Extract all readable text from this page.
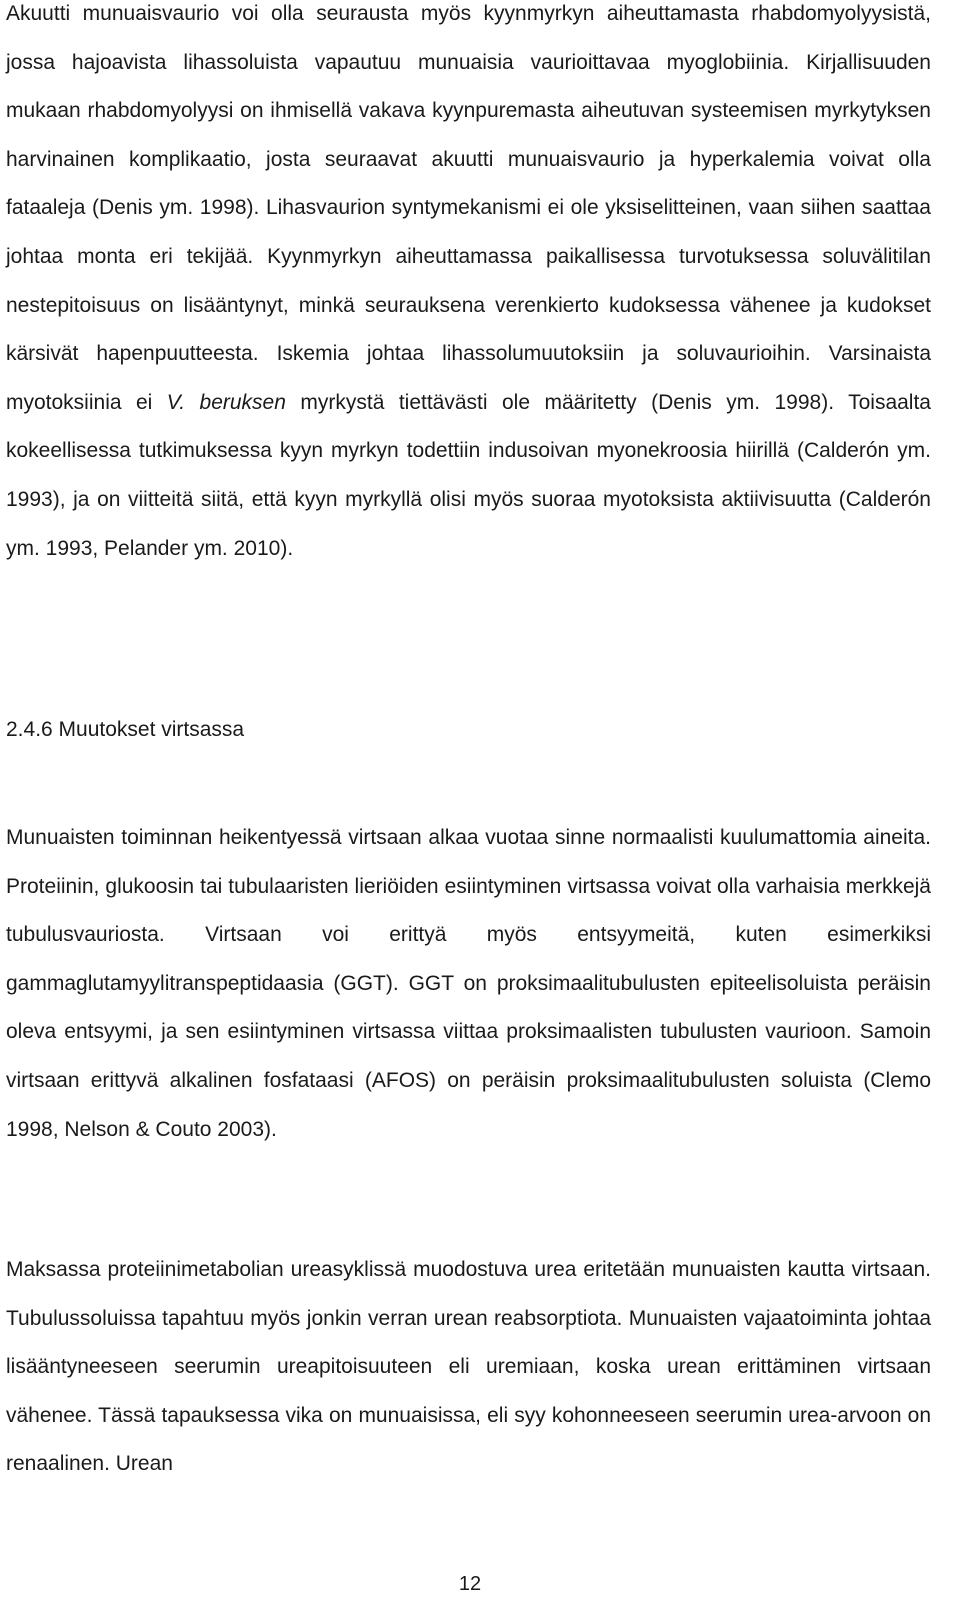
Akuutti munuaisvaurio voi olla seurausta myös kyynmyrkyn aiheuttamasta rhabdomyolyysistä, jossa hajoavista lihassoluista vapautuu munuaisia vaurioittavaa myoglobiinia. Kirjallisuuden mukaan rhabdomyolyysi on ihmisellä vakava kyynpuremasta aiheutuvan systeemisen myrkytyksen harvinainen komplikaatio, josta seuraavat akuutti munuaisvaurio ja hyperkalemia voivat olla fataaleja (Denis ym. 1998). Lihasvaurion syntymekanismi ei ole yksiselitteinen, vaan siihen saattaa johtaa monta eri tekijää. Kyynmyrkyn aiheuttamassa paikallisessa turvotuksessa soluvälitilan nestepitoisuus on lisääntynyt, minkä seurauksena verenkierto kudoksessa vähenee ja kudokset kärsivät hapenpuutteesta. Iskemia johtaa lihassolumuutoksiin ja soluvaurioihin. Varsinaista myotoksiinia ei V. beruksen myrkystä tiettävästi ole määritetty (Denis ym. 1998). Toisaalta kokeellisessa tutkimuksessa kyyn myrkyn todettiin indusoivan myonekroosia hiirillä (Calderón ym. 1993), ja on viitteitä siitä, että kyyn myrkyllä olisi myös suoraa myotoksista aktiivisuutta (Calderón ym. 1993, Pelander ym. 2010).

2.4.6 Muutokset virtsassa

Munuaisten toiminnan heikentyessä virtsaan alkaa vuotaa sinne normaalisti kuulumattomia aineita. Proteiinin, glukoosin tai tubulaaristen lieriöiden esiintyminen virtsassa voivat olla varhaisia merkkejä tubulusvauriosta. Virtsaan voi erittyä myös entsyymeitä, kuten esimerkiksi gammaglutamyylitranspeptidaasia (GGT). GGT on proksimaalitubulusten epiteelisoluista peräisin oleva entsyymi, ja sen esiintyminen virtsassa viittaa proksimaalisten tubulusten vaurioon. Samoin virtsaan erittyvä alkalinen fosfataasi (AFOS) on peräisin proksimaalitubulusten soluista (Clemo 1998, Nelson & Couto 2003).

Maksassa proteiinimetabolian ureasyklissä muodostuva urea eritetään munuaisten kautta virtsaan. Tubulussoluissa tapahtuu myös jonkin verran urean reabsorptiota. Munuaisten vajaatoiminta johtaa lisääntyneeseen seerumin ureapitoisuuteen eli uremiaan, koska urean erittäminen virtsaan vähenee. Tässä tapauksessa vika on munuaisissa, eli syy kohonneeseen seerumin urea-arvoon on renaalinen. Urean

12
